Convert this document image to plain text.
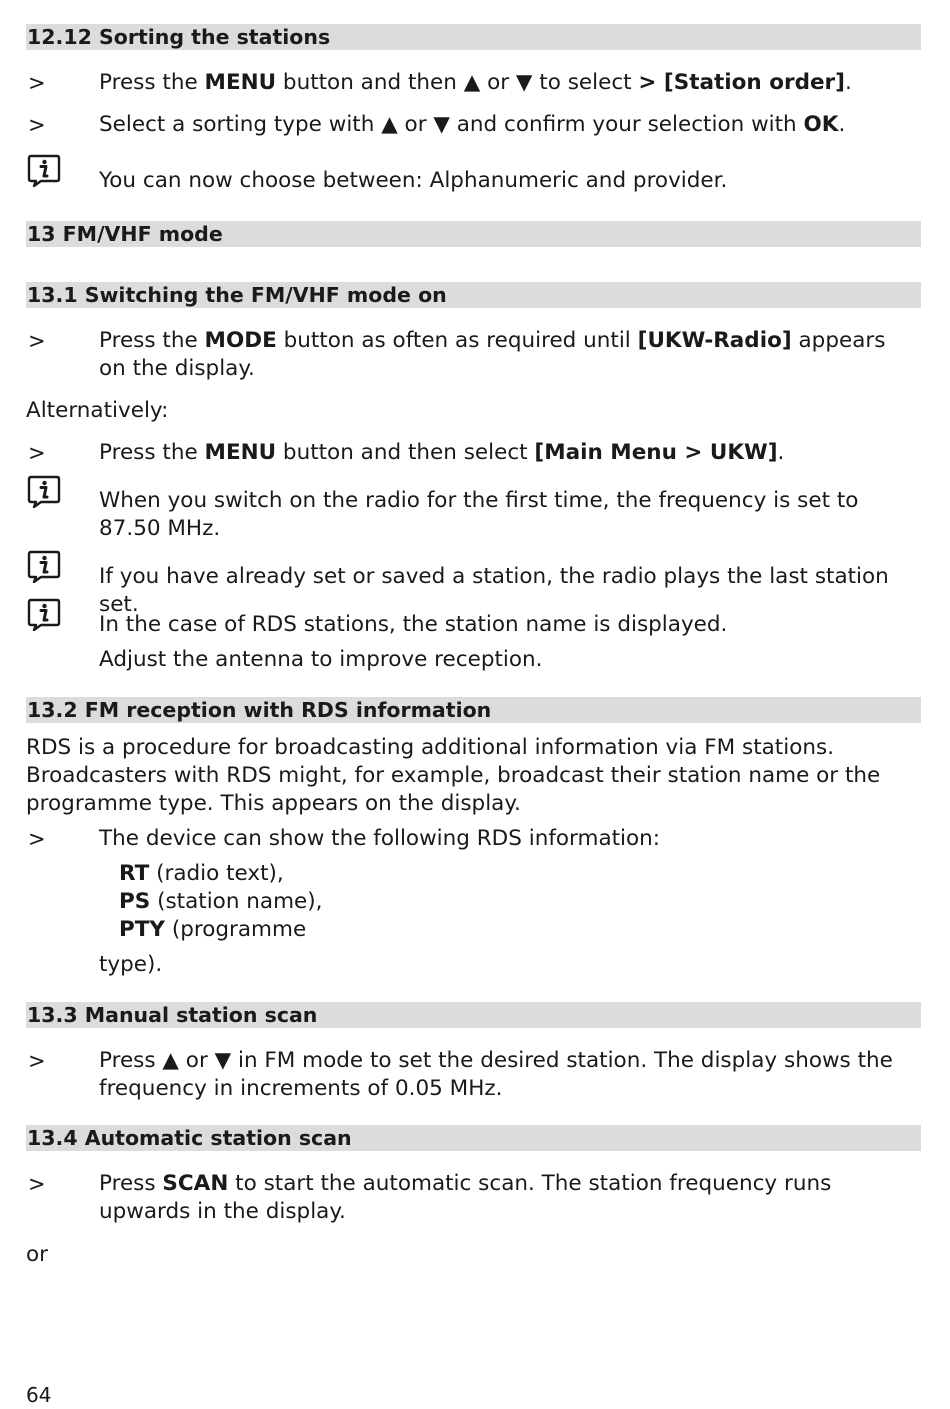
12.12 Sorting the stations
> Press the MENU button and then ▲ or ▼ to select > [Station order].
> Select a sorting type with ▲ or ▼ and confirm your selection with OK.
You can now choose between: Alphanumeric and provider.
13 FM/VHF mode
13.1 Switching the FM/VHF mode on
> Press the MODE button as often as required until [UKW-Radio] appears on the display.
Alternatively:
> Press the MENU button and then select [Main Menu > UKW].
When you switch on the radio for the first time, the frequency is set to 87.50 MHz.
If you have already set or saved a station, the radio plays the last station set.
In the case of RDS stations, the station name is displayed.
Adjust the antenna to improve reception.
13.2 FM reception with RDS information
RDS is a procedure for broadcasting additional information via FM stations. Broadcasters with RDS might, for example, broadcast their station name or the programme type. This appears on the display.
> The device can show the following RDS information:
RT (radio text),
PS (station name),
PTY (programme
type).
13.3 Manual station scan
> Press ▲ or ▼ in FM mode to set the desired station. The display shows the frequency in increments of 0.05 MHz.
13.4 Automatic station scan
> Press SCAN to start the automatic scan. The station frequency runs upwards in the display.
or
64
